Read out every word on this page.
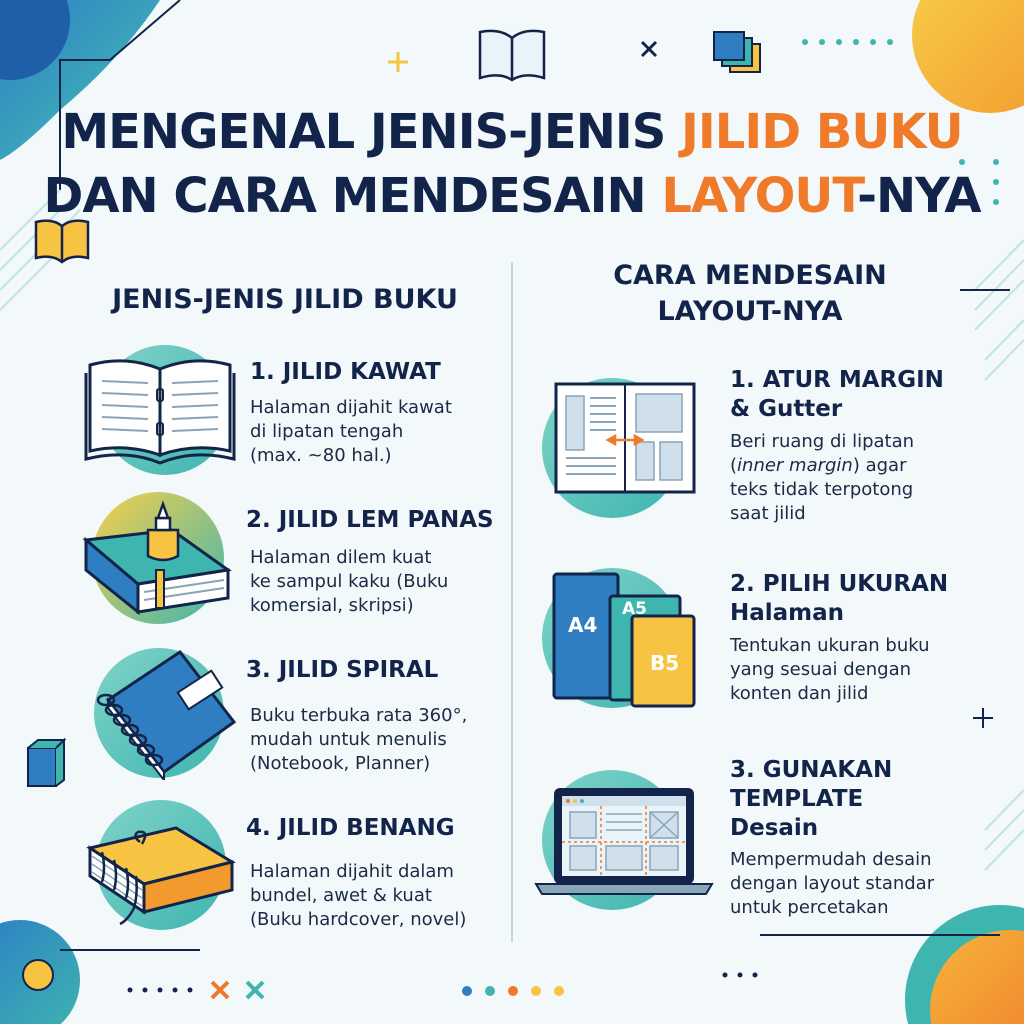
MENGENAL JENIS-JENIS JILID BUKU
DAN CARA MENDESAIN LAYOUT-NYA
JENIS-JENIS JILID BUKU
CARA MENDESAIN
LAYOUT-NYA
1. JILID KAWAT
Halaman dijahit kawat
di lipatan tengah
(max. ~80 hal.)
2. JILID LEM PANAS
Halaman dilem kuat
ke sampul kaku (Buku
komersial, skripsi)
3. JILID SPIRAL
Buku terbuka rata 360°,
mudah untuk menulis
(Notebook, Planner)
4. JILID BENANG
Halaman dijahit dalam
bundel, awet & kuat
(Buku hardcover, novel)
1. ATUR MARGIN
& Gutter
Beri ruang di lipatan
(inner margin) agar
teks tidak terpotong
saat jilid
A4
A5
B5
2. PILIH UKURAN
Halaman
Tentukan ukuran buku
yang sesuai dengan
konten dan jilid
3. GUNAKAN
TEMPLATE
Desain
Mempermudah desain
dengan layout standar
untuk percetakan
